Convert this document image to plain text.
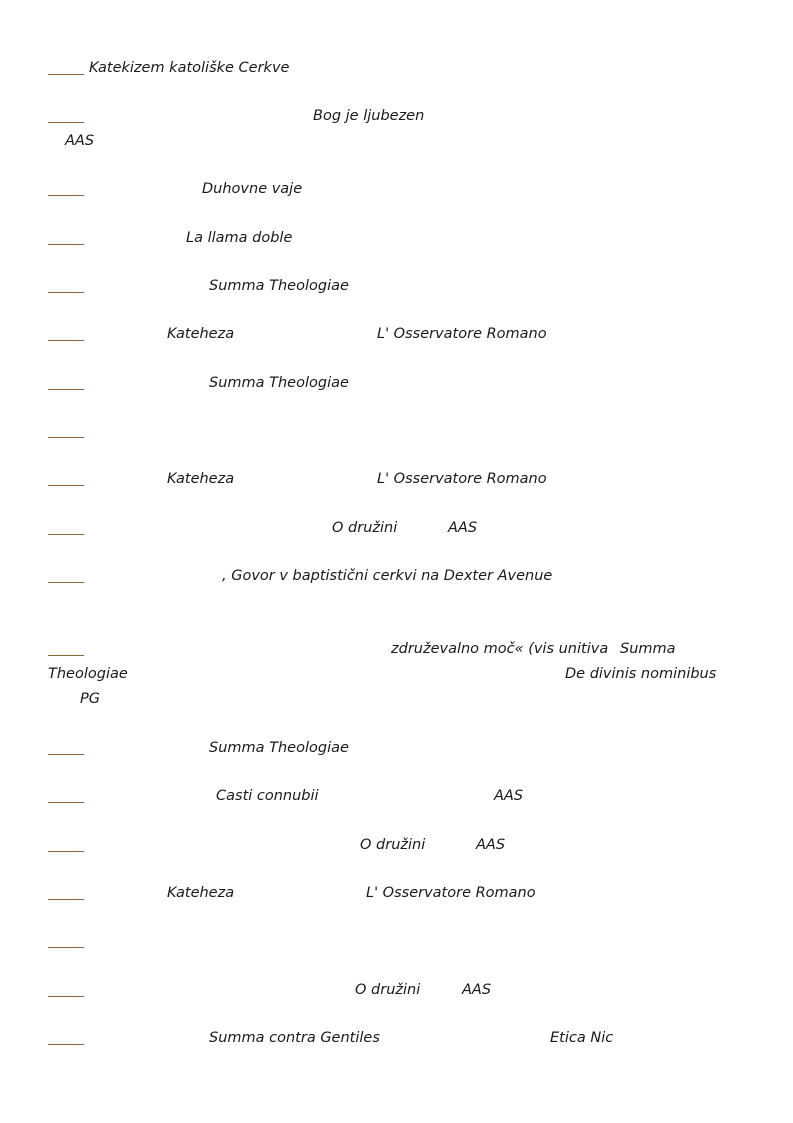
Katekizem katoliške Cerkve
Bog je ljubezen
AAS
Duhovne vaje
La llama doble
Summa Theologiae
Kateheza	L' Osservatore Romano
Summa Theologiae
Kateheza	L' Osservatore Romano
O družini	AAS
, Govor v baptistični cerkvi na Dexter Avenue
združevalno moč« (vis unitiva Summa
Theologiae	De divinis nominibus
PG
Summa Theologiae
Casti connubii	AAS
O družini	AAS
Kateheza	L' Osservatore Romano
O družini	AAS
Summa contra Gentiles	Etica Nic
